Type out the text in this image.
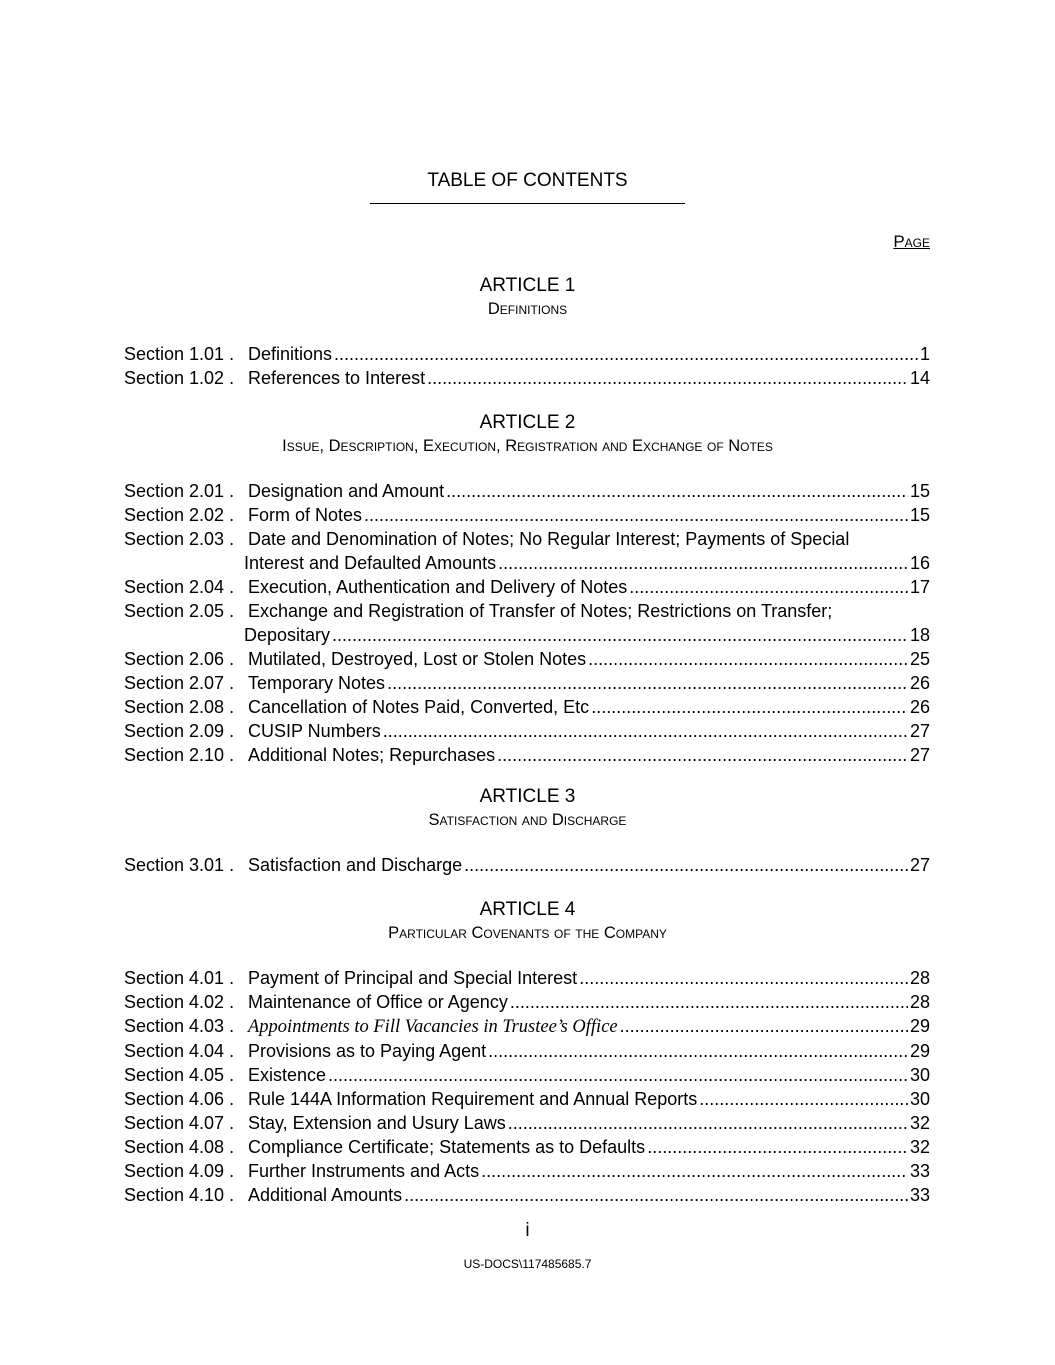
TABLE OF CONTENTS
Page
ARTICLE 1
Definitions
Section 1.01 . Definitions .....	1
Section 1.02 . References to Interest .....	14
ARTICLE 2
Issue, Description, Execution, Registration and Exchange of Notes
Section 2.01 . Designation and Amount .....	15
Section 2.02 . Form of Notes .....	15
Section 2.03 . Date and Denomination of Notes; No Regular Interest; Payments of Special
Interest and Defaulted Amounts .....	16
Section 2.04 . Execution, Authentication and Delivery of Notes .....	17
Section 2.05 . Exchange and Registration of Transfer of Notes; Restrictions on Transfer;
Depositary .....	18
Section 2.06 . Mutilated, Destroyed, Lost or Stolen Notes .....	25
Section 2.07 . Temporary Notes .....	26
Section 2.08 . Cancellation of Notes Paid, Converted, Etc .....	26
Section 2.09 . CUSIP Numbers .....	27
Section 2.10 . Additional Notes; Repurchases .....	27
ARTICLE 3
Satisfaction and Discharge
Section 3.01 . Satisfaction and Discharge .....	27
ARTICLE 4
Particular Covenants of the Company
Section 4.01 . Payment of Principal and Special Interest .....	28
Section 4.02 . Maintenance of Office or Agency .....	28
Section 4.03 . Appointments to Fill Vacancies in Trustee’s Office .....	29
Section 4.04 . Provisions as to Paying Agent .....	29
Section 4.05 . Existence .....	30
Section 4.06 . Rule 144A Information Requirement and Annual Reports .....	30
Section 4.07 . Stay, Extension and Usury Laws .....	32
Section 4.08 . Compliance Certificate; Statements as to Defaults .....	32
Section 4.09 . Further Instruments and Acts .....	33
Section 4.10 . Additional Amounts .....	33
i
US-DOCS\117485685.7
